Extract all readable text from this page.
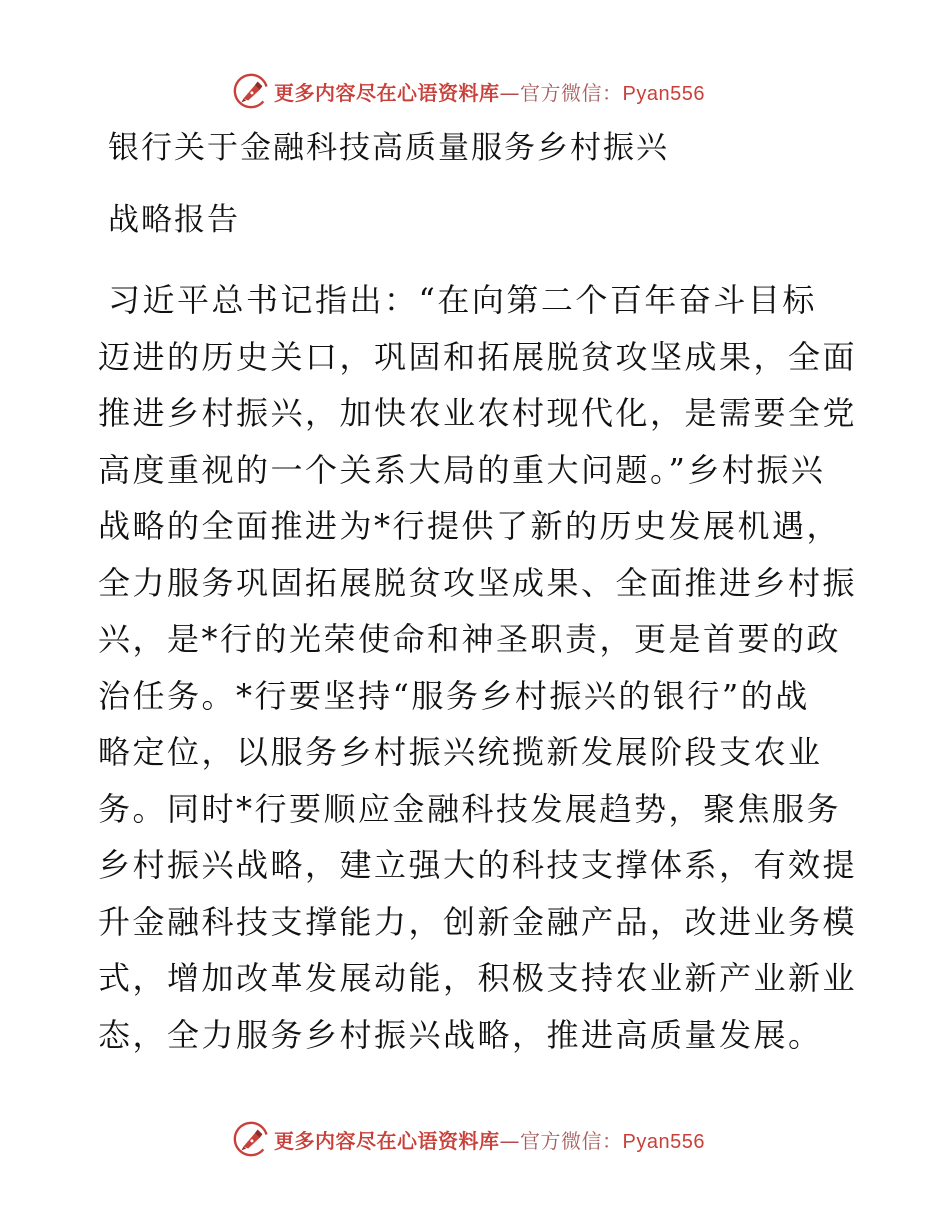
更多内容尽在心语资料库—官方微信：Pyan556
银行关于金融科技高质量服务乡村振兴
战略报告
习近平总书记指出：“在向第二个百年奋斗目标
迈进的历史关口，巩固和拓展脱贫攻坚成果，全面
推进乡村振兴，加快农业农村现代化，是需要全党
高度重视的一个关系大局的重大问题。”乡村振兴
战略的全面推进为*行提供了新的历史发展机遇，
全力服务巩固拓展脱贫攻坚成果、全面推进乡村振
兴，是*行的光荣使命和神圣职责，更是首要的政
治任务。*行要坚持“服务乡村振兴的银行”的战
略定位，以服务乡村振兴统揽新发展阶段支农业
务。同时*行要顺应金融科技发展趋势，聚焦服务
乡村振兴战略，建立强大的科技支撑体系，有效提
升金融科技支撑能力，创新金融产品，改进业务模
式，增加改革发展动能，积极支持农业新产业新业
态，全力服务乡村振兴战略，推进高质量发展。
更多内容尽在心语资料库—官方微信：Pyan556
